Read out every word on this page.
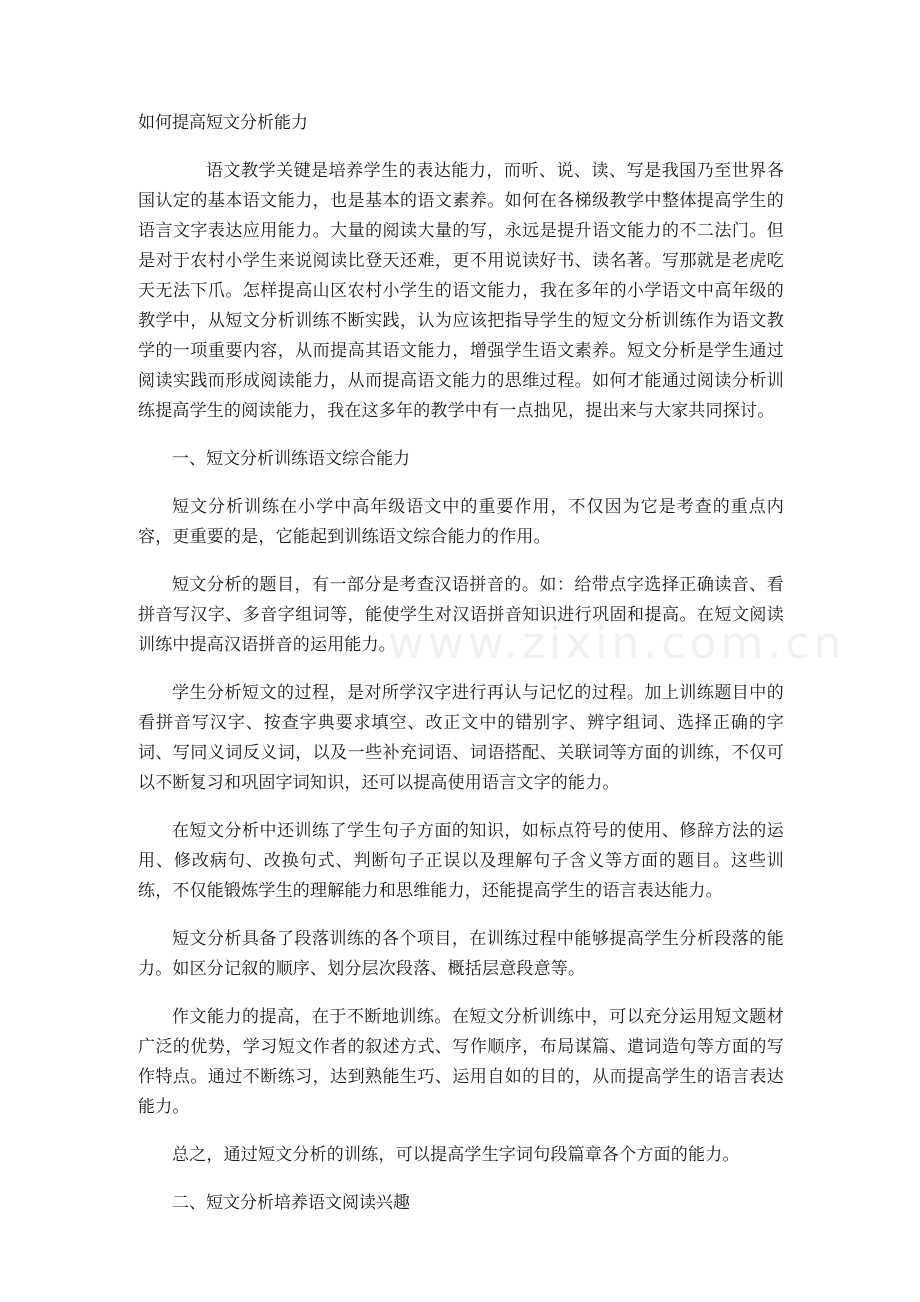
如何提高短文分析能力

语文教学关键是培养学生的表达能力，而听、说、读、写是我国乃至世界各国认定的基本语文能力，也是基本的语文素养。如何在各梯级教学中整体提高学生的语言文字表达应用能力。大量的阅读大量的写，永远是提升语文能力的不二法门。但是对于农村小学生来说阅读比登天还难，更不用说读好书、读名著。写那就是老虎吃天无法下爪。怎样提高山区农村小学生的语文能力，我在多年的小学语文中高年级的教学中，从短文分析训练不断实践，认为应该把指导学生的短文分析训练作为语文教学的一项重要内容，从而提高其语文能力，增强学生语文素养。短文分析是学生通过阅读实践而形成阅读能力，从而提高语文能力的思维过程。如何才能通过阅读分析训练提高学生的阅读能力，我在这多年的教学中有一点拙见，提出来与大家共同探讨。

一、短文分析训练语文综合能力

短文分析训练在小学中高年级语文中的重要作用，不仅因为它是考查的重点内容，更重要的是，它能起到训练语文综合能力的作用。

短文分析的题目，有一部分是考查汉语拼音的。如：给带点字选择正确读音、看拼音写汉字、多音字组词等，能使学生对汉语拼音知识进行巩固和提高。在短文阅读训练中提高汉语拼音的运用能力。

学生分析短文的过程，是对所学汉字进行再认与记忆的过程。加上训练题目中的看拼音写汉字、按查字典要求填空、改正文中的错别字、辨字组词、选择正确的字词、写同义词反义词，以及一些补充词语、词语搭配、关联词等方面的训练，不仅可以不断复习和巩固字词知识，还可以提高使用语言文字的能力。

在短文分析中还训练了学生句子方面的知识，如标点符号的使用、修辞方法的运用、修改病句、改换句式、判断句子正误以及理解句子含义等方面的题目。这些训练，不仅能锻炼学生的理解能力和思维能力，还能提高学生的语言表达能力。

短文分析具备了段落训练的各个项目，在训练过程中能够提高学生分析段落的能力。如区分记叙的顺序、划分层次段落、概括层意段意等。

作文能力的提高，在于不断地训练。在短文分析训练中，可以充分运用短文题材广泛的优势，学习短文作者的叙述方式、写作顺序，布局谋篇、遣词造句等方面的写作特点。通过不断练习，达到熟能生巧、运用自如的目的，从而提高学生的语言表达能力。

总之，通过短文分析的训练，可以提高学生字词句段篇章各个方面的能力。

二、短文分析培养语文阅读兴趣

www.zixin.com.cn
